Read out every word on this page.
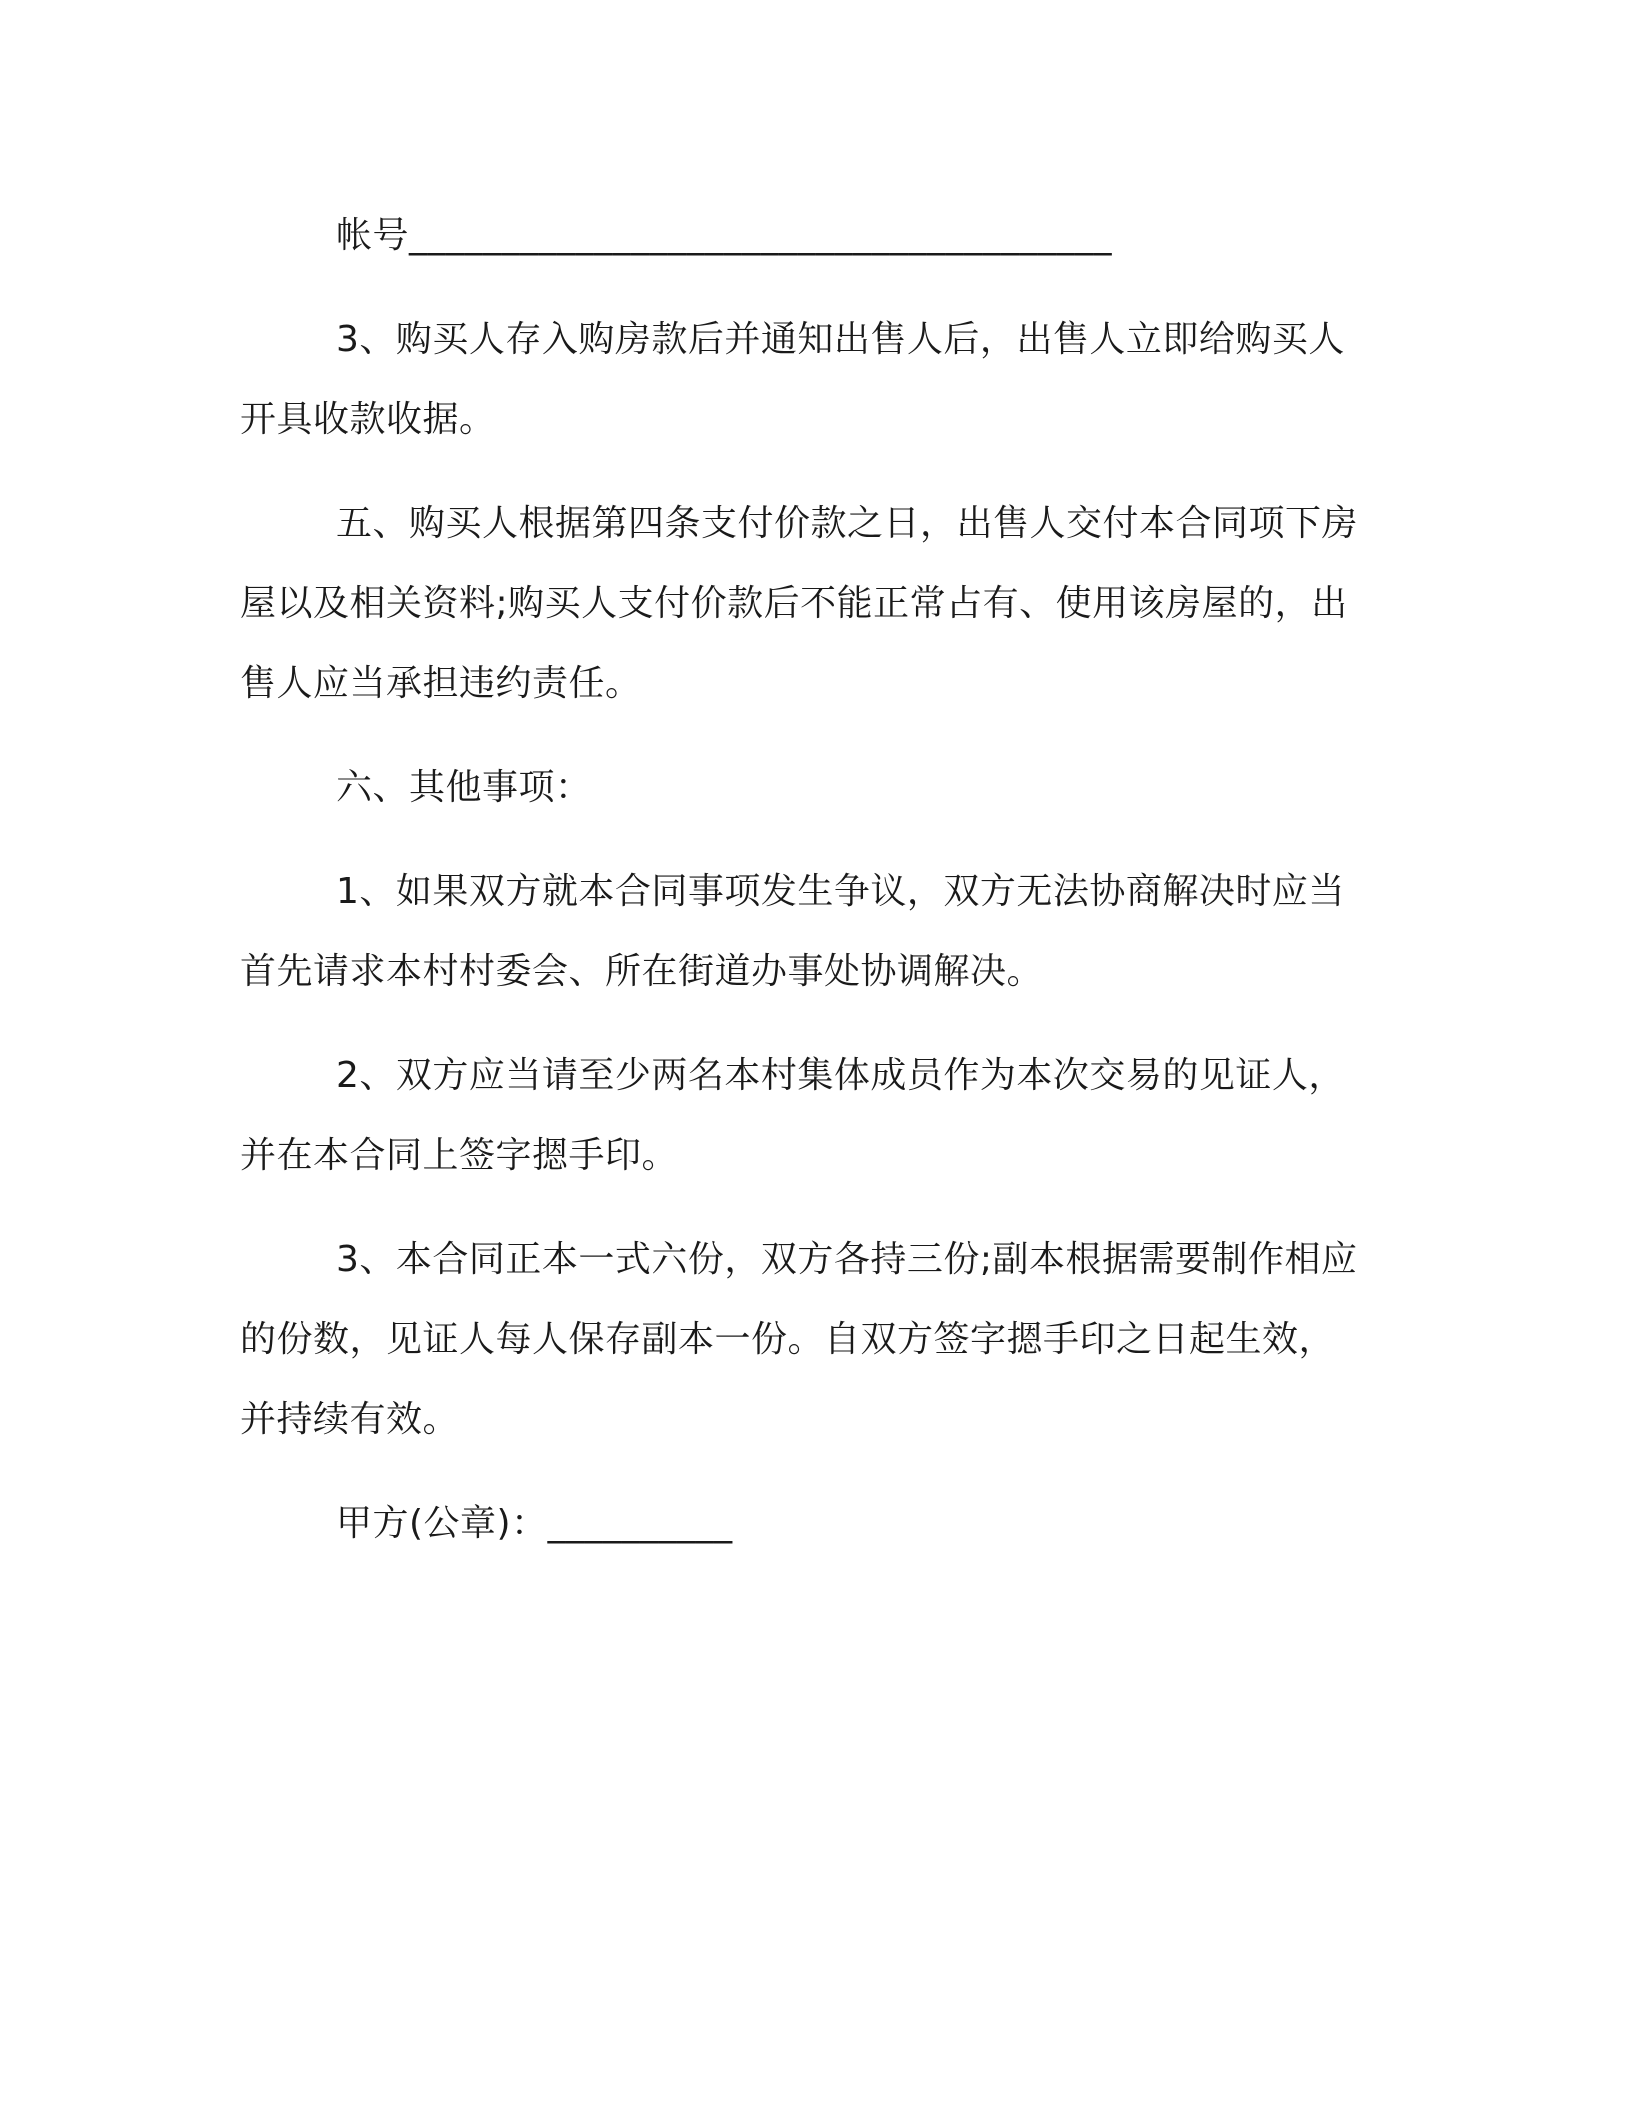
帐号______________________________________

3、购买人存入购房款后并通知出售人后，出售人立即给购买人
开具收款收据。

五、购买人根据第四条支付价款之日，出售人交付本合同项下房
屋以及相关资料;购买人支付价款后不能正常占有、使用该房屋的，出
售人应当承担违约责任。

六、其他事项：

1、如果双方就本合同事项发生争议，双方无法协商解决时应当
首先请求本村村委会、所在街道办事处协调解决。

2、双方应当请至少两名本村集体成员作为本次交易的见证人，
并在本合同上签字摁手印。

3、本合同正本一式六份，双方各持三份;副本根据需要制作相应
的份数，见证人每人保存副本一份。自双方签字摁手印之日起生效，
并持续有效。

甲方(公章)：__________
